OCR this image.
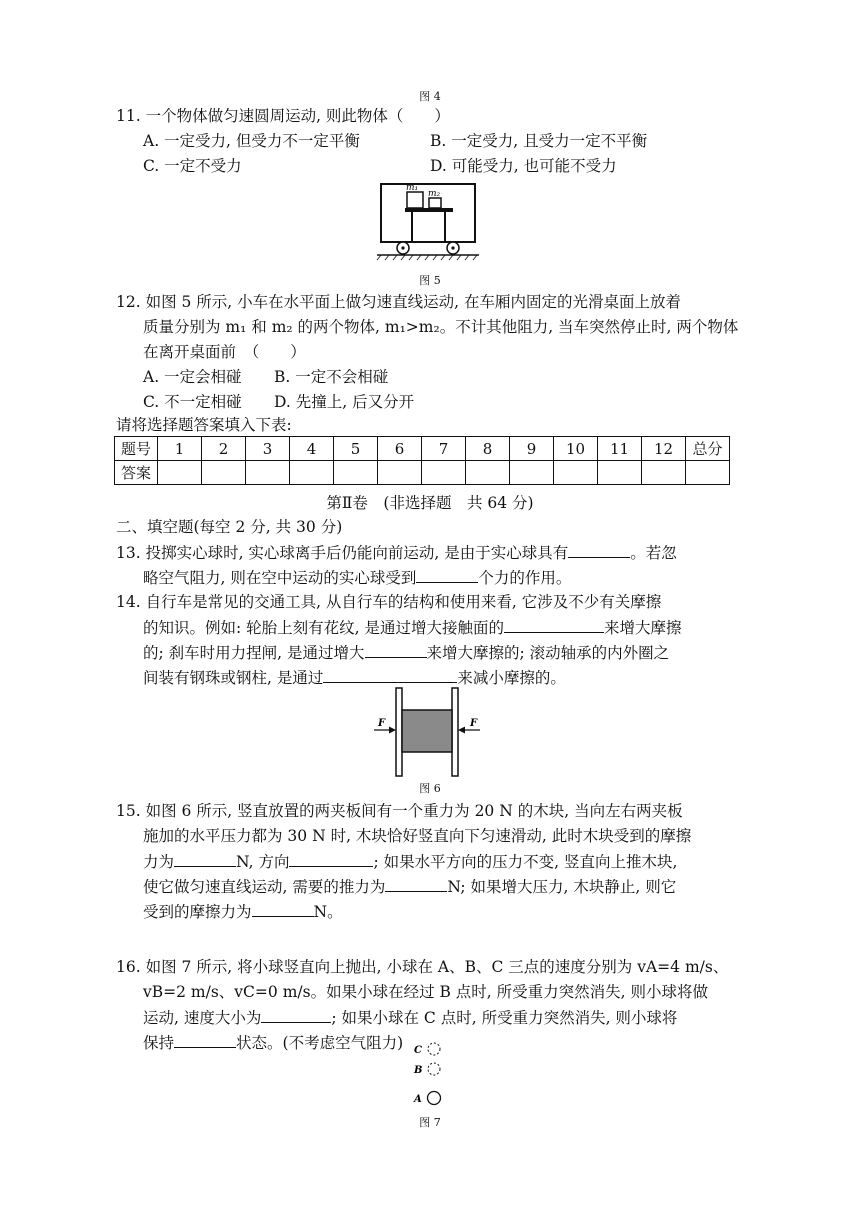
图 4
11. 一个物体做匀速圆周运动, 则此物体（　　）
A. 一定受力, 但受力不一定平衡	B. 一定受力, 且受力一定不平衡
C. 一定不受力	D. 可能受力, 也可能不受力
m₁
m₂
图 5
12. 如图 5 所示, 小车在水平面上做匀速直线运动, 在车厢内固定的光滑桌面上放着
质量分别为 m₁ 和 m₂ 的两个物体, m₁>m₂。不计其他阻力, 当车突然停止时, 两个物体
在离开桌面前　（　　）
A. 一定会相碰 B. 一定不会相碰
C. 不一定相碰 D. 先撞上, 后又分开
请将选择题答案填入下表:
题号	1	2	3	4	5	6	7	8	9	10	11	12	总分
答案													
第Ⅱ卷　(非选择题　共 64 分)
二、填空题(每空 2 分, 共 30 分)
13. 投掷实心球时, 实心球离手后仍能向前运动, 是由于实心球具有	。若忽
略空气阻力, 则在空中运动的实心球受到	个力的作用。
14. 自行车是常见的交通工具, 从自行车的结构和使用来看, 它涉及不少有关摩擦
的知识。例如: 轮胎上刻有花纹, 是通过增大接触面的	来增大摩擦
的; 刹车时用力捏闸, 是通过增大	来增大摩擦的; 滚动轴承的内外圈之
间装有钢珠或钢柱, 是通过	来减小摩擦的。
F	F
图 6
15. 如图 6 所示, 竖直放置的两夹板间有一个重力为 20 N 的木块, 当向左右两夹板
施加的水平压力都为 30 N 时, 木块恰好竖直向下匀速滑动, 此时木块受到的摩擦
力为	N, 方向	; 如果水平方向的压力不变, 竖直向上推木块,
使它做匀速直线运动, 需要的推力为	N; 如果增大压力, 木块静止, 则它
受到的摩擦力为	N。
16. 如图 7 所示, 将小球竖直向上抛出, 小球在 A、B、C 三点的速度分别为 vA=4 m/s、
vB=2 m/s、vC=0 m/s。如果小球在经过 B 点时, 所受重力突然消失, 则小球将做
运动, 速度大小为	; 如果小球在 C 点时, 所受重力突然消失, 则小球将
保持	状态。(不考虑空气阻力) C
B
A
图 7
